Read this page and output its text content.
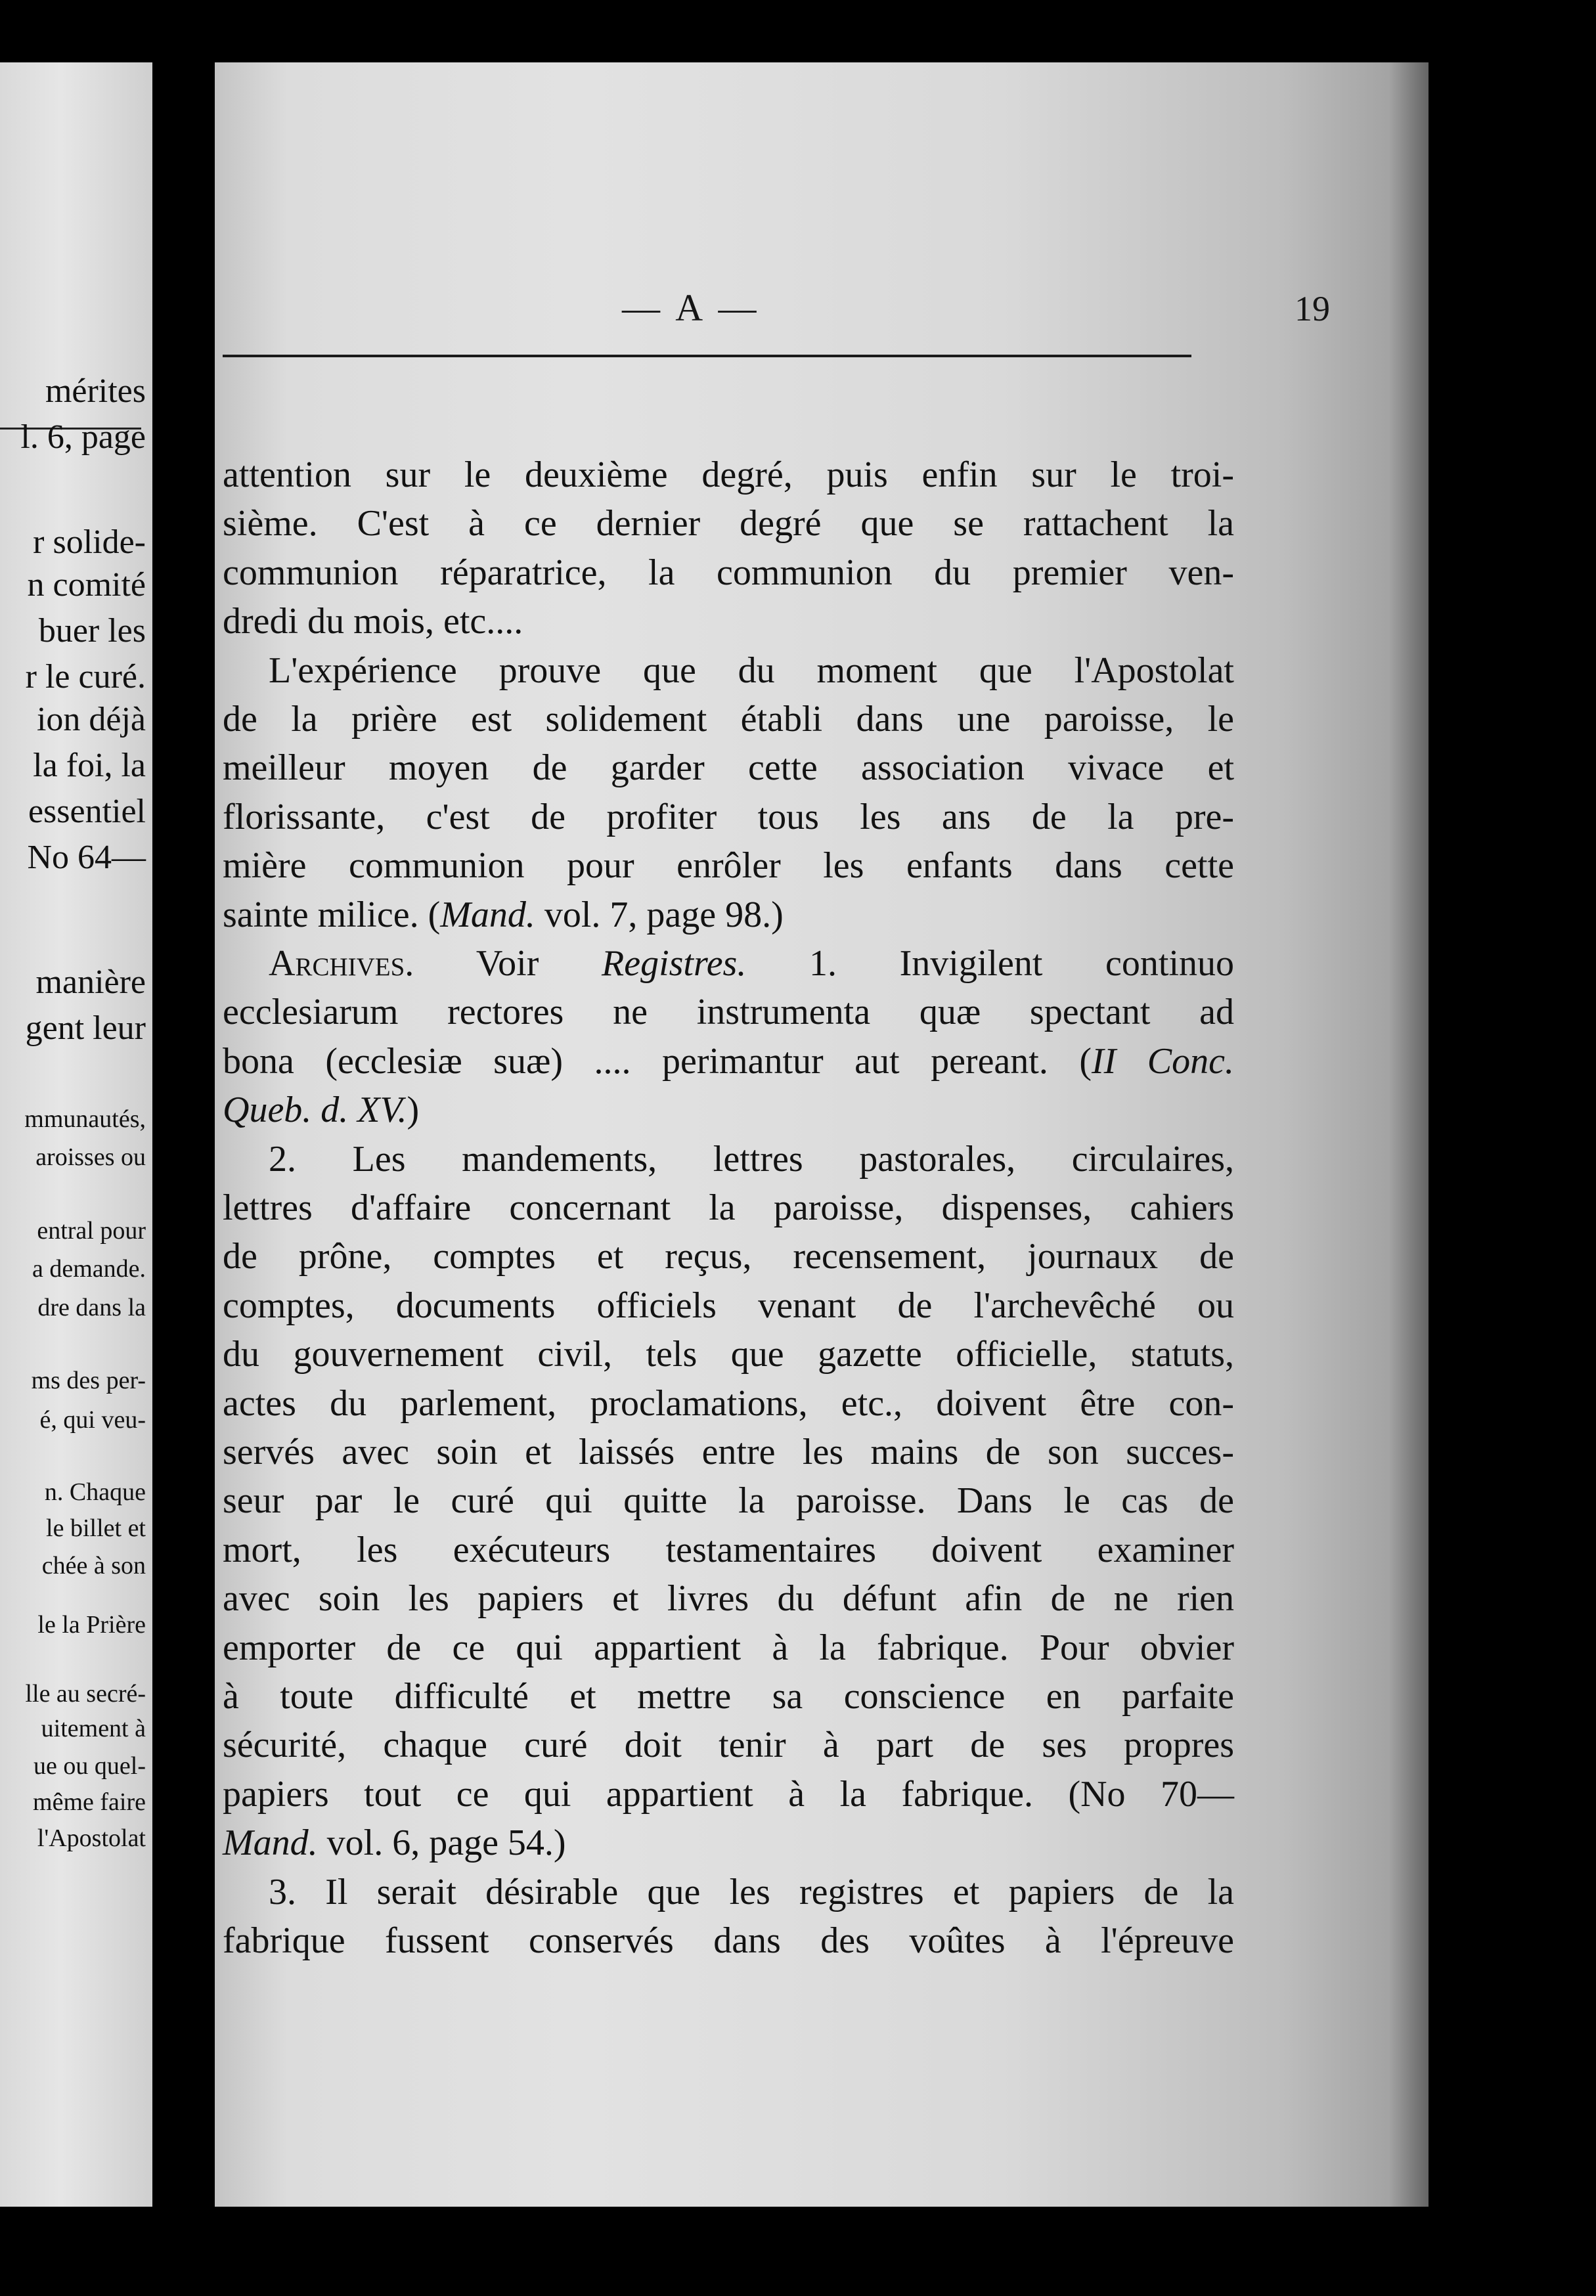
mérites
l. 6, page
r solide-
n comité
buer les
r le curé.
ion déjà
la foi, la
essentiel
No 64—
manière
gent leur
mmunautés,
aroisses ou
entral pour
a demande.
dre dans la
ms des per-
é, qui veu-
n. Chaque
le billet et
chée à son
le la Prière
lle au secré-
uitement à
ue ou quel-
même faire
l'Apostolat
— A —	19
attention sur le deuxième degré, puis enfin sur le troi-
sième. C'est à ce dernier degré que se rattachent la
communion réparatrice, la communion du premier ven-
dredi du mois, etc....
L'expérience prouve que du moment que l'Apostolat
de la prière est solidement établi dans une paroisse, le
meilleur moyen de garder cette association vivace et
florissante, c'est de profiter tous les ans de la pre-
mière communion pour enrôler les enfants dans cette
sainte milice. (Mand. vol. 7, page 98.)
Archives. Voir Registres. 1. Invigilent continuo
ecclesiarum rectores ne instrumenta quæ spectant ad
bona (ecclesiæ suæ) .... perimantur aut pereant. (II Conc.
Queb. d. XV.)
2. Les mandements, lettres pastorales, circulaires,
lettres d'affaire concernant la paroisse, dispenses, cahiers
de prône, comptes et reçus, recensement, journaux de
comptes, documents officiels venant de l'archevêché ou
du gouvernement civil, tels que gazette officielle, statuts,
actes du parlement, proclamations, etc., doivent être con-
servés avec soin et laissés entre les mains de son succes-
seur par le curé qui quitte la paroisse. Dans le cas de
mort, les exécuteurs testamentaires doivent examiner
avec soin les papiers et livres du défunt afin de ne rien
emporter de ce qui appartient à la fabrique. Pour obvier
à toute difficulté et mettre sa conscience en parfaite
sécurité, chaque curé doit tenir à part de ses propres
papiers tout ce qui appartient à la fabrique. (No 70—
Mand. vol. 6, page 54.)
3. Il serait désirable que les registres et papiers de la
fabrique fussent conservés dans des voûtes à l'épreuve
